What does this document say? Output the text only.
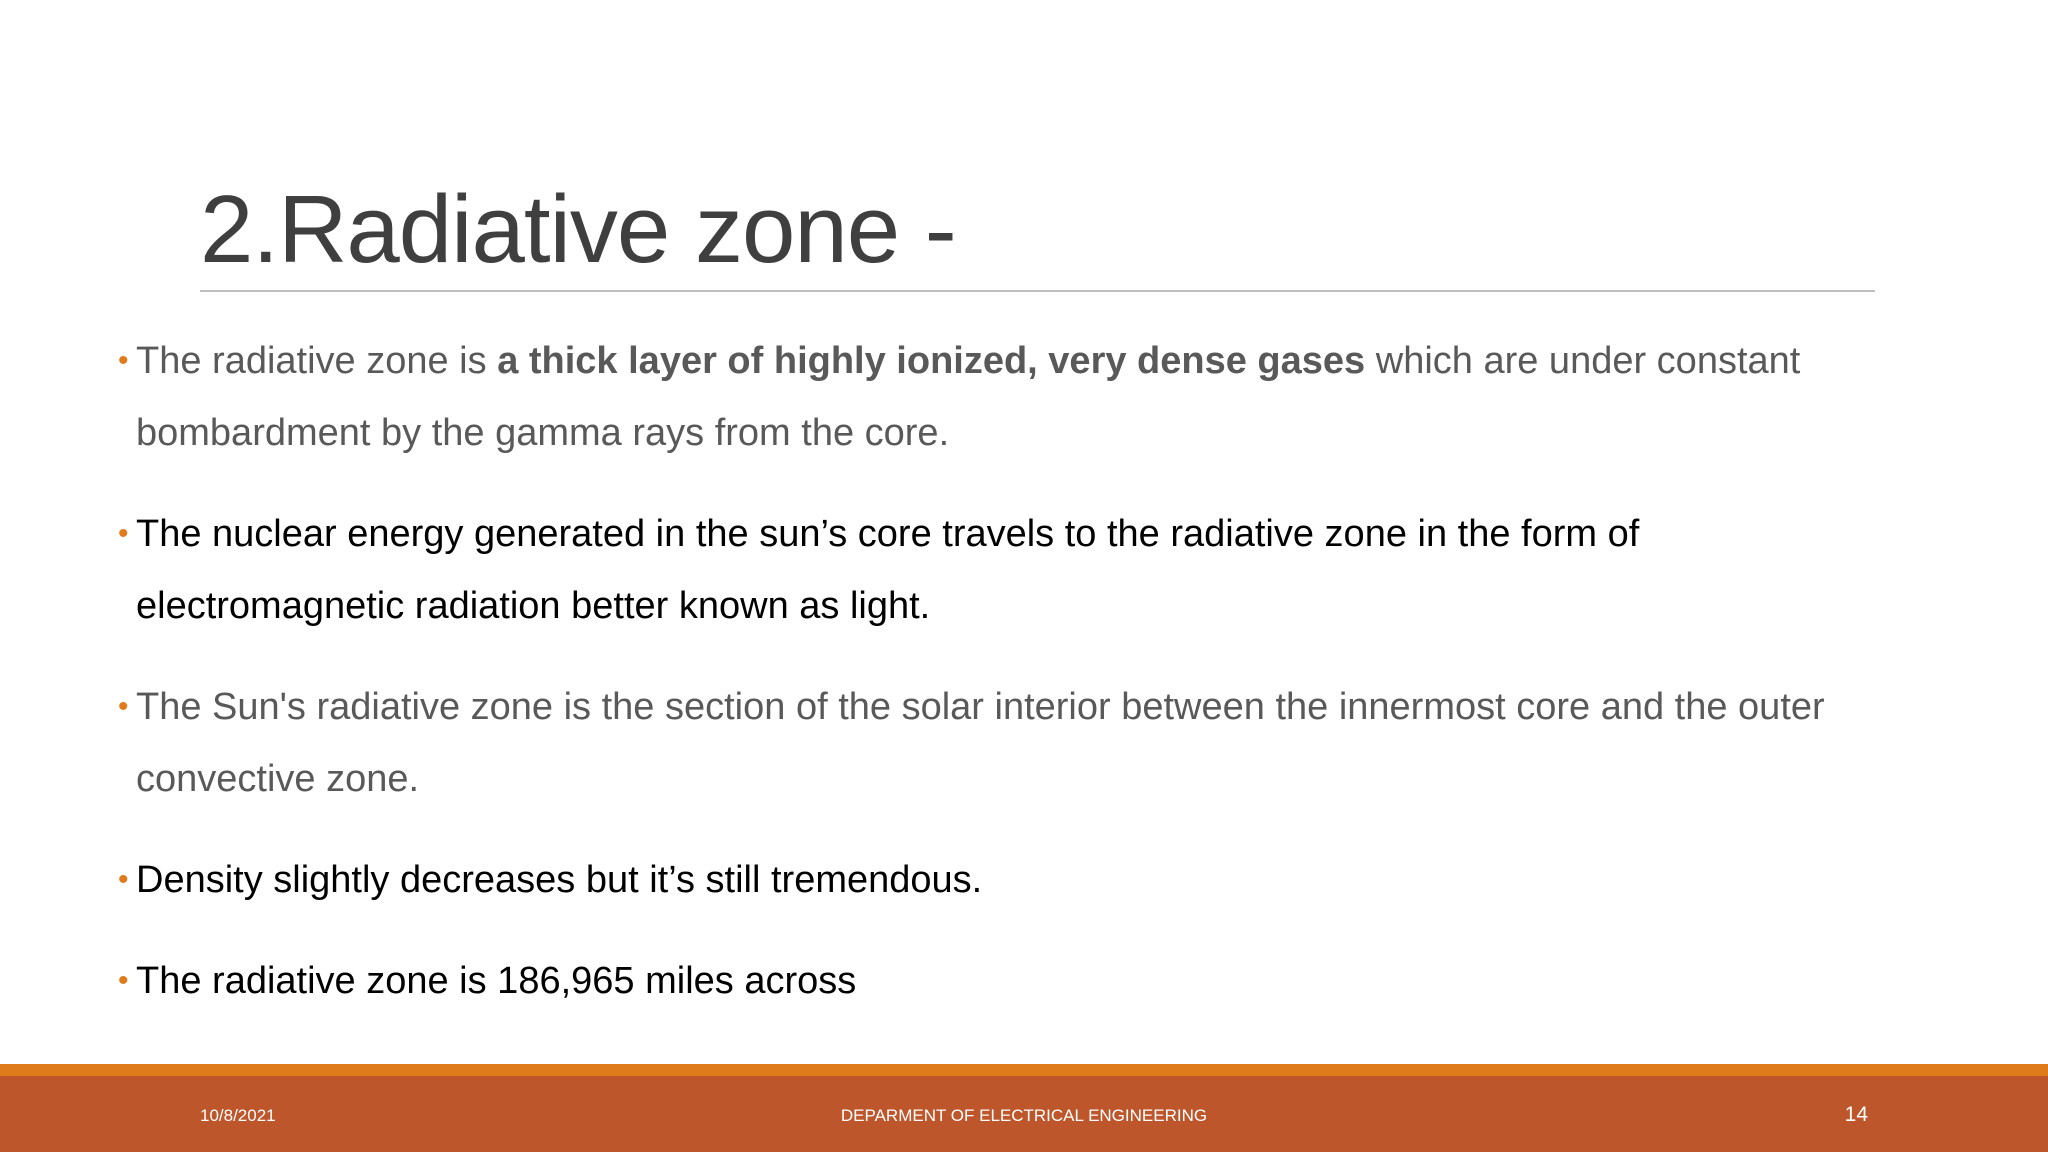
2.Radiative zone -
• The radiative zone is a thick layer of highly ionized, very dense gases which are under constant bombardment by the gamma rays from the core.
• The nuclear energy generated in the sun’s core travels to the radiative zone in the form of electromagnetic radiation better known as light.
• The Sun's radiative zone is the section of the solar interior between the innermost core and the outer convective zone.
• Density slightly decreases but it’s still tremendous.
• The radiative zone is 186,965 miles across
10/8/2021	DEPARMENT OF ELECTRICAL ENGINEERING	14
